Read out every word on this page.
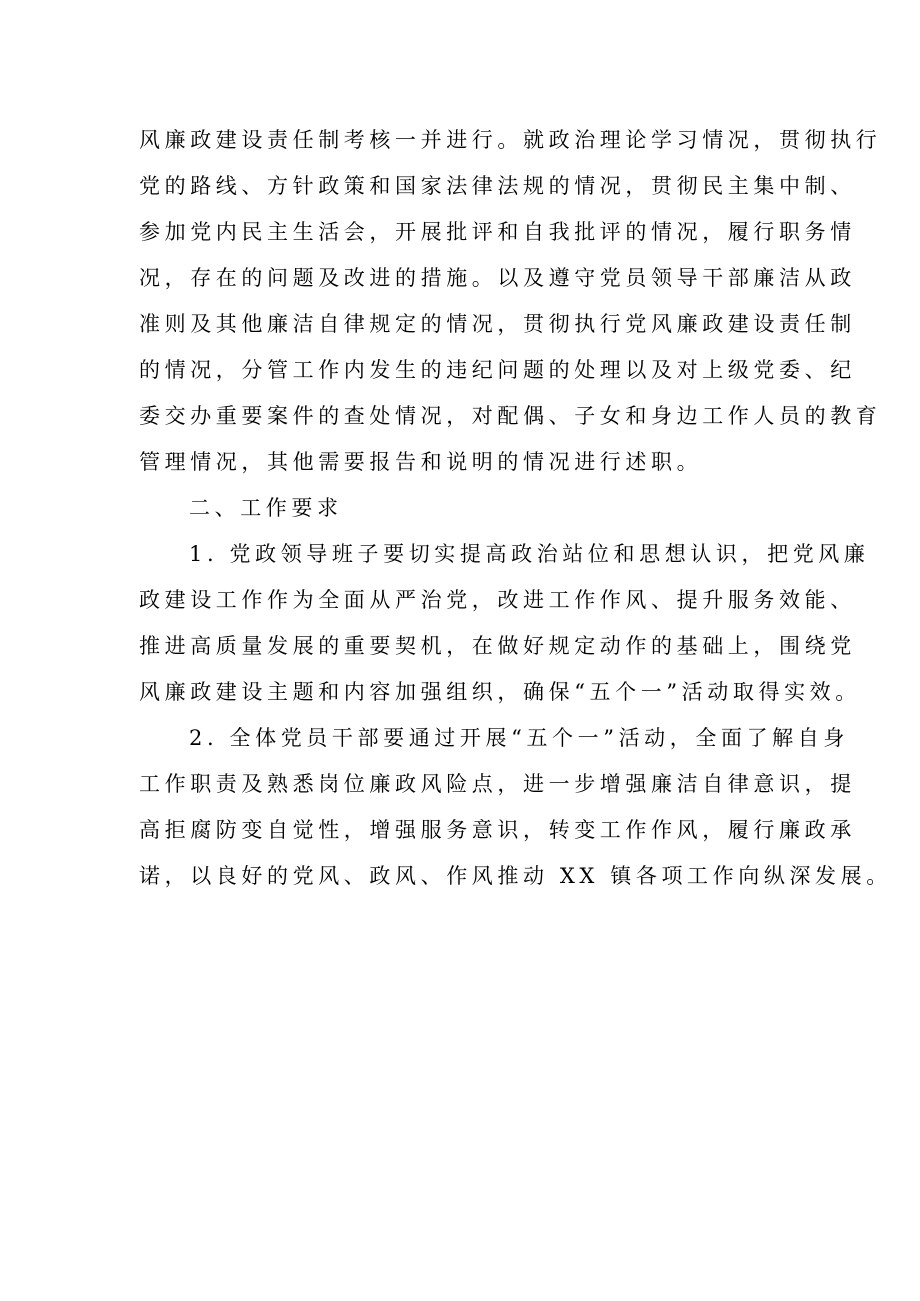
风廉政建设责任制考核一并进行。就政治理论学习情况，贯彻执行
党的路线、方针政策和国家法律法规的情况，贯彻民主集中制、
参加党内民主生活会，开展批评和自我批评的情况，履行职务情
况，存在的问题及改进的措施。以及遵守党员领导干部廉洁从政
准则及其他廉洁自律规定的情况，贯彻执行党风廉政建设责任制
的情况，分管工作内发生的违纪问题的处理以及对上级党委、纪
委交办重要案件的查处情况，对配偶、子女和身边工作人员的教育
管理情况，其他需要报告和说明的情况进行述职。
二、工作要求
1. 党政领导班子要切实提高政治站位和思想认识，把党风廉
政建设工作作为全面从严治党，改进工作作风、提升服务效能、
推进高质量发展的重要契机，在做好规定动作的基础上，围绕党
风廉政建设主题和内容加强组织，确保“五个一”活动取得实效。
2. 全体党员干部要通过开展“五个一”活动，全面了解自身
工作职责及熟悉岗位廉政风险点，进一步增强廉洁自律意识，提
高拒腐防变自觉性，增强服务意识，转变工作作风，履行廉政承
诺，以良好的党风、政风、作风推动 XX 镇各项工作向纵深发展。
